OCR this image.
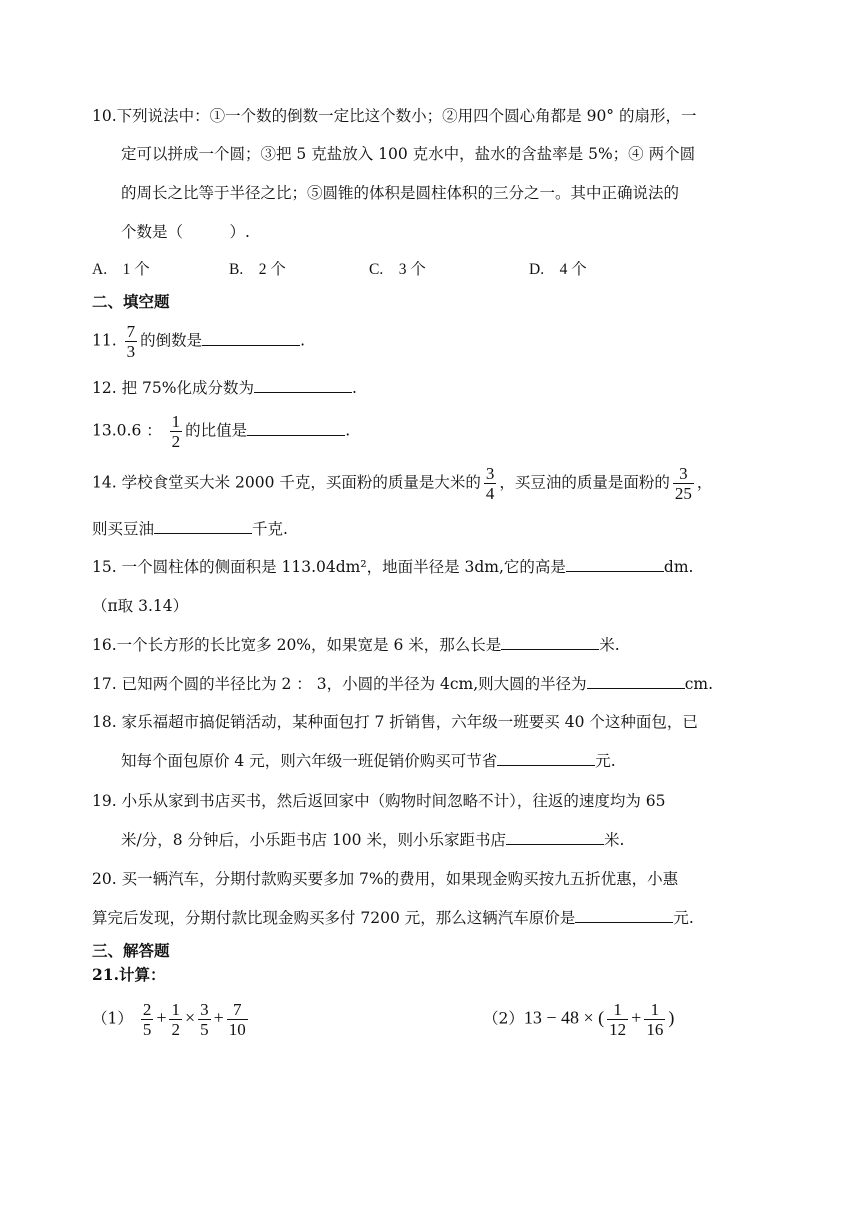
10.下列说法中：①一个数的倒数一定比这个数小；②用四个圆心角都是 90° 的扇形，一
定可以拼成一个圆；③把 5 克盐放入 100 克水中，盐水的含盐率是 5%；④ 两个圆
的周长之比等于半径之比；⑤圆锥的体积是圆柱体积的三分之一。其中正确说法的
个数是（　　　）.
A.　1 个	B.　2 个	C.　3 个	D.　4 个
二、填空题
11. $\frac{7}{3}$ 的倒数是	.
12. 把 75%化成分数为	.
13.0.6 ： $\frac{1}{2}$ 的比值是	.
14. 学校食堂买大米 2000 千克，买面粉的质量是大米的 $\frac{3}{4}$ ，买豆油的质量是面粉的 $\frac{3}{25}$ ，
则买豆油	千克.
15. 一个圆柱体的侧面积是 113.04dm²，地面半径是 3dm,它的高是	dm.
（π取 3.14）
16.一个长方形的长比宽多 20%，如果宽是 6 米，那么长是	米.
17. 已知两个圆的半径比为 2 ： 3，小圆的半径为 4cm,则大圆的半径为	cm.
18. 家乐福超市搞促销活动，某种面包打 7 折销售，六年级一班要买 40 个这种面包，已
知每个面包原价 4 元，则六年级一班促销价购买可节省	元.
19. 小乐从家到书店买书，然后返回家中（购物时间忽略不计），往返的速度均为 65
米/分，8 分钟后，小乐距书店 100 米，则小乐家距书店	米.
20. 买一辆汽车，分期付款购买要多加 7%的费用，如果现金购买按九五折优惠，小惠
算完后发现，分期付款比现金购买多付 7200 元，那么这辆汽车原价是	元.
三、解答题
21.计算：
$(1) \frac{2}{5} + \frac{1}{2} \times \frac{3}{5} + \frac{7}{10}$	（2）13 − 48 × ( $\frac{1}{12} + \frac{1}{16}$ )
